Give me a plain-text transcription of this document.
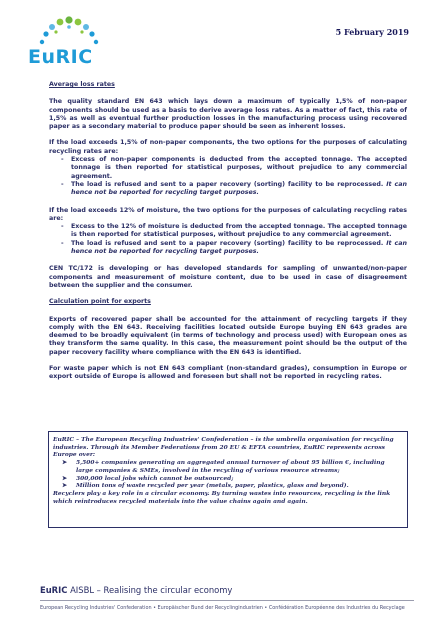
EuRIC
5 February 2019

Average loss rates

The quality standard EN 643 which lays down a maximum of typically 1,5% of non-paper components should be used as a basis to derive average loss rates. As a matter of fact, this rate of 1,5% as well as eventual further production losses in the manufacturing process using recovered paper as a secondary material to produce paper should be seen as inherent losses.

If the load exceeds 1,5% of non-paper components, the two options for the purposes of calculating recycling rates are:

- Excess of non-paper components is deducted from the accepted tonnage. The accepted tonnage is then reported for statistical purposes, without prejudice to any commercial agreement.
- The load is refused and sent to a paper recovery (sorting) facility to be reprocessed. It can hence not be reported for recycling target purposes.

If the load exceeds 12% of moisture, the two options for the purposes of calculating recycling rates are:

- Excess to the 12% of moisture is deducted from the accepted tonnage. The accepted tonnage is then reported for statistical purposes, without prejudice to any commercial agreement.
- The load is refused and sent to a paper recovery (sorting) facility to be reprocessed. It can hence not be reported for recycling target purposes.

CEN TC/172 is developing or has developed standards for sampling of unwanted/non-paper components and measurement of moisture content, due to be used in case of disagreement between the supplier and the consumer.

Calculation point for exports

Exports of recovered paper shall be accounted for the attainment of recycling targets if they comply with the EN 643. Receiving facilities located outside Europe buying EN 643 grades are deemed to be broadly equivalent (in terms of technology and process used) with European ones as they transform the same quality. In this case, the measurement point should be the output of the paper recovery facility where compliance with the EN 643 is identified.

For waste paper which is not EN 643 compliant (non-standard grades), consumption in Europe or export outside of Europe is allowed and foreseen but shall not be reported in recycling rates.

EuRIC – The European Recycling Industries' Confederation – is the umbrella organisation for recycling industries. Through its Member Federations from 20 EU & EFTA countries, EuRIC represents across Europe over:
➤ 5,500+ companies generating an aggregated annual turnover of about 95 billion €, including large companies & SMEs, involved in the recycling of various resource streams;
➤ 300,000 local jobs which cannot be outsourced;
➤ Million tons of waste recycled per year (metals, paper, plastics, glass and beyond).
Recyclers play a key role in a circular economy. By turning wastes into resources, recycling is the link which reintroduces recycled materials into the value chains again and again.
EuRIC AISBL – Realising the circular economy
European Recycling Industries' Confederation • Europäischer Bund der Recyclingindustrien • Confédération Européenne des Industries du Recyclage
